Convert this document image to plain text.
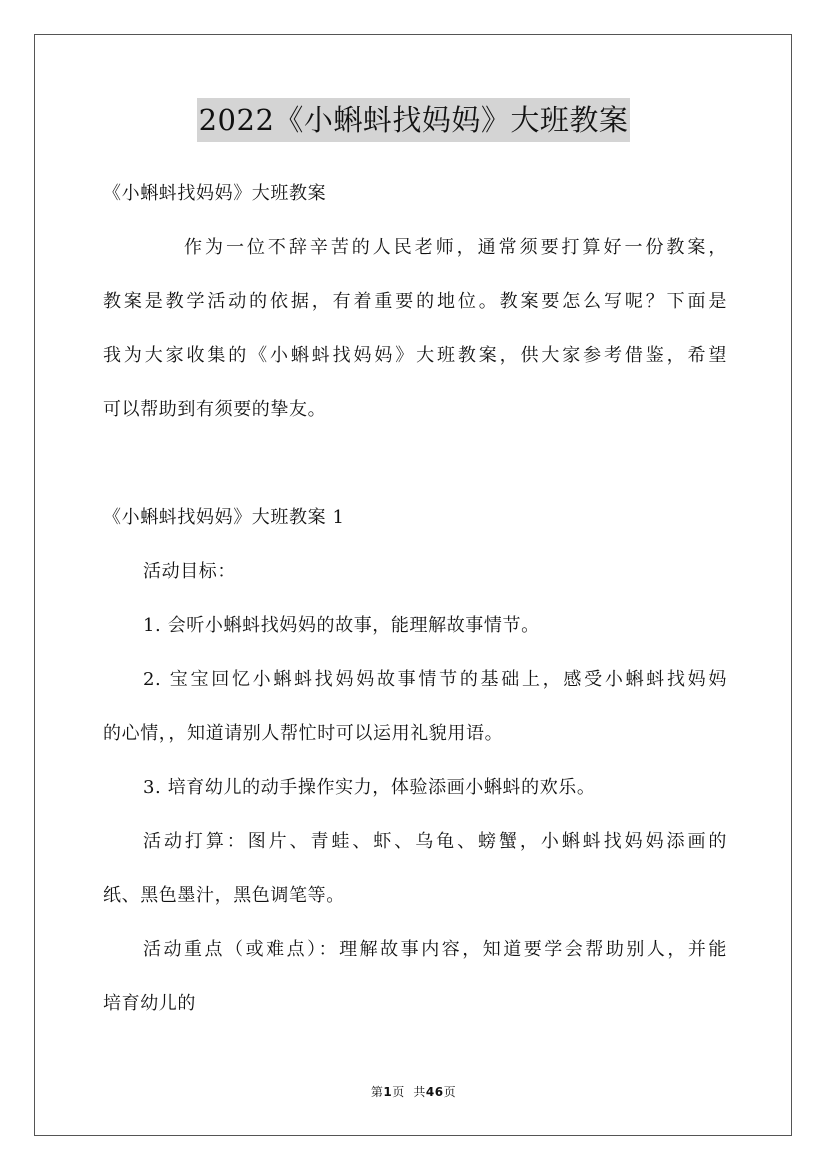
2022《小蝌蚪找妈妈》大班教案
《小蝌蚪找妈妈》大班教案
作为一位不辞辛苦的人民老师，通常须要打算好一份教案，
教案是教学活动的依据，有着重要的地位。教案要怎么写呢？下面是
我为大家收集的《小蝌蚪找妈妈》大班教案，供大家参考借鉴，希望
可以帮助到有须要的挚友。
《小蝌蚪找妈妈》大班教案 1
活动目标：
1. 会听小蝌蚪找妈妈的故事，能理解故事情节。
2. 宝宝回忆小蝌蚪找妈妈故事情节的基础上，感受小蝌蚪找妈妈
的心情，，知道请别人帮忙时可以运用礼貌用语。
3. 培育幼儿的动手操作实力，体验添画小蝌蚪的欢乐。
活动打算：图片、青蛙、虾、乌龟、螃蟹，小蝌蚪找妈妈添画的
纸、黑色墨汁，黑色调笔等。
活动重点（或难点）：理解故事内容，知道要学会帮助别人，并能
培育幼儿的
第1页 共46页
